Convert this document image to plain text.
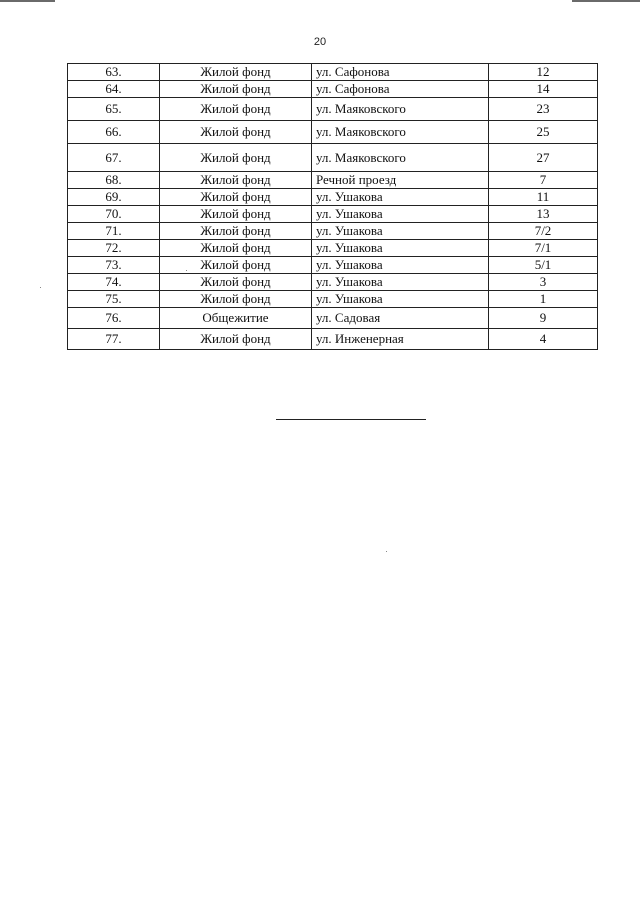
20
63.	Жилой фонд	ул. Сафонова	12
64.	Жилой фонд	ул. Сафонова	14
65.	Жилой фонд	ул. Маяковского	23
66.	Жилой фонд	ул. Маяковского	25
67.	Жилой фонд	ул. Маяковского	27
68.	Жилой фонд	Речной проезд	7
69.	Жилой фонд	ул. Ушакова	11
70.	Жилой фонд	ул. Ушакова	13
71.	Жилой фонд	ул. Ушакова	7/2
72.	Жилой фонд	ул. Ушакова	7/1
73.	Жилой фонд	ул. Ушакова	5/1
74.	Жилой фонд	ул. Ушакова	3
75.	Жилой фонд	ул. Ушакова	1
76.	Общежитие	ул. Садовая	9
77.	Жилой фонд	ул. Инженерная	4
